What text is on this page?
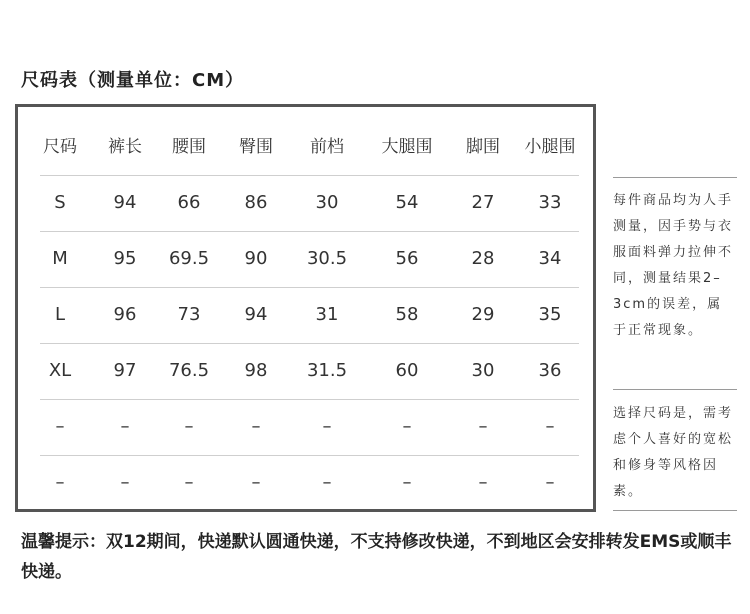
尺码表（测量单位：CM）
尺码 裤长 腰围 臀围 前档 大腿围 脚围 小腿围
S	94 66 86	30	54	27 33
M	95 69.5 90 30.5	56	28 34
L	96 73 94	31	58	29 35
XL 97 76.5 98 31.5	60	30 36
–	–	–	–	–	–	–	–
–	–	–	–	–	–	–	–
每件商品均为人手测量，因手势与衣服面料弹力拉伸不同，测量结果2–3cm的误差，属于正常现象。
选择尺码是，需考虑个人喜好的宽松和修身等风格因素。
温馨提示：双12期间，快递默认圆通快递，不支持修改快递，不到地区会安排转发EMS或顺丰快递。
